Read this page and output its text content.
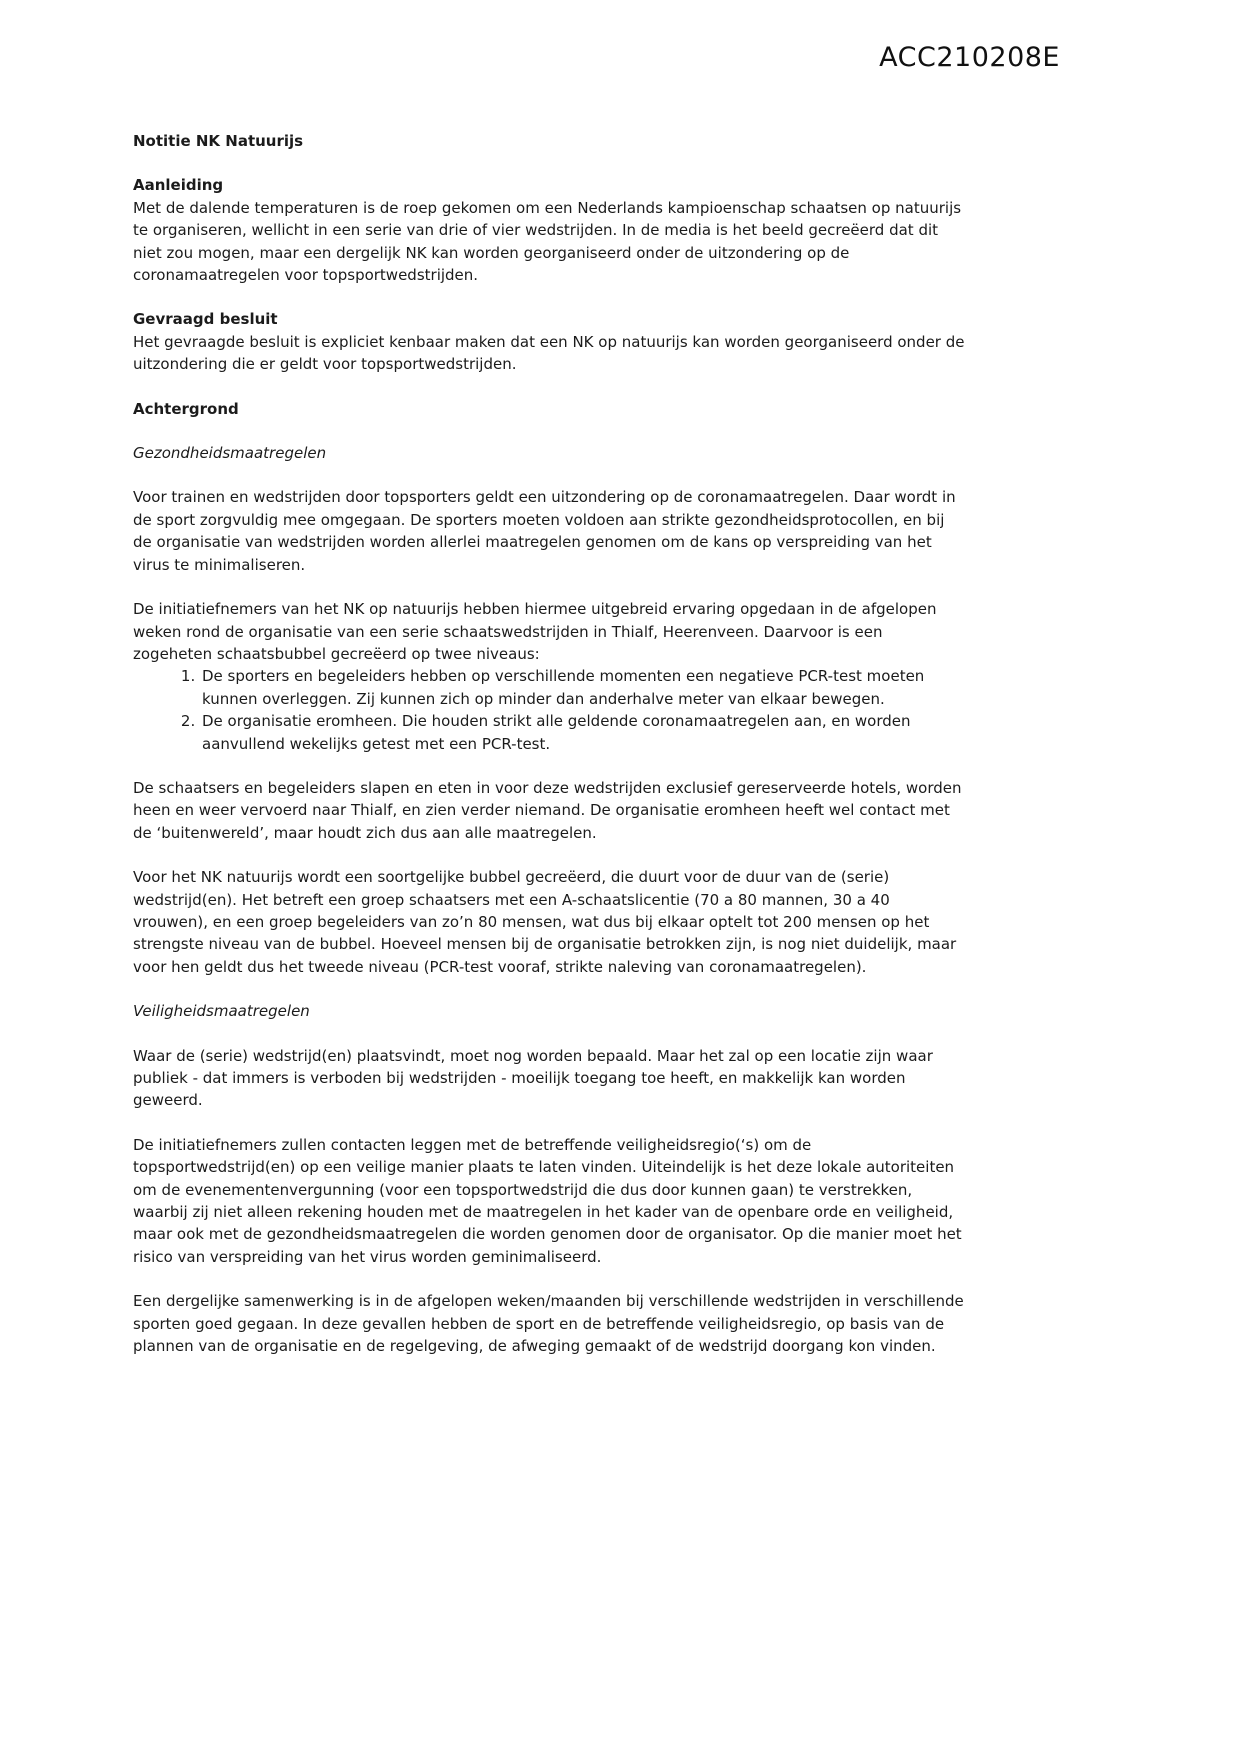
ACC210208E
Notitie NK Natuurijs
Aanleiding

Met de dalende temperaturen is de roep gekomen om een Nederlands kampioenschap schaatsen op natuurijs te organiseren, wellicht in een serie van drie of vier wedstrijden. In de media is het beeld gecreëerd dat dit niet zou mogen, maar een dergelijk NK kan worden georganiseerd onder de uitzondering op de coronamaatregelen voor topsportwedstrijden.

Gevraagd besluit

Het gevraagde besluit is expliciet kenbaar maken dat een NK op natuurijs kan worden georganiseerd onder de uitzondering die er geldt voor topsportwedstrijden.

Achtergrond
Gezondheidsmaatregelen

Voor trainen en wedstrijden door topsporters geldt een uitzondering op de coronamaatregelen. Daar wordt in de sport zorgvuldig mee omgegaan. De sporters moeten voldoen aan strikte gezondheidsprotocollen, en bij de organisatie van wedstrijden worden allerlei maatregelen genomen om de kans op verspreiding van het virus te minimaliseren.

De initiatiefnemers van het NK op natuurijs hebben hiermee uitgebreid ervaring opgedaan in de afgelopen weken rond de organisatie van een serie schaatswedstrijden in Thialf, Heerenveen. Daarvoor is een zogeheten schaatsbubbel gecreëerd op twee niveaus:

1. De sporters en begeleiders hebben op verschillende momenten een negatieve PCR-test moeten kunnen overleggen. Zij kunnen zich op minder dan anderhalve meter van elkaar bewegen.
2. De organisatie eromheen. Die houden strikt alle geldende coronamaatregelen aan, en worden aanvullend wekelijks getest met een PCR-test.

De schaatsers en begeleiders slapen en eten in voor deze wedstrijden exclusief gereserveerde hotels, worden heen en weer vervoerd naar Thialf, en zien verder niemand. De organisatie eromheen heeft wel contact met de ‘buitenwereld’, maar houdt zich dus aan alle maatregelen.

Voor het NK natuurijs wordt een soortgelijke bubbel gecreëerd, die duurt voor de duur van de (serie) wedstrijd(en). Het betreft een groep schaatsers met een A-schaatslicentie (70 a 80 mannen, 30 a 40 vrouwen), en een groep begeleiders van zo’n 80 mensen, wat dus bij elkaar optelt tot 200 mensen op het strengste niveau van de bubbel. Hoeveel mensen bij de organisatie betrokken zijn, is nog niet duidelijk, maar voor hen geldt dus het tweede niveau (PCR-test vooraf, strikte naleving van coronamaatregelen).

Veiligheidsmaatregelen

Waar de (serie) wedstrijd(en) plaatsvindt, moet nog worden bepaald. Maar het zal op een locatie zijn waar publiek - dat immers is verboden bij wedstrijden - moeilijk toegang toe heeft, en makkelijk kan worden geweerd.

De initiatiefnemers zullen contacten leggen met de betreffende veiligheidsregio(‘s) om de topsportwedstrijd(en) op een veilige manier plaats te laten vinden. Uiteindelijk is het deze lokale autoriteiten om de evenementenvergunning (voor een topsportwedstrijd die dus door kunnen gaan) te verstrekken, waarbij zij niet alleen rekening houden met de maatregelen in het kader van de openbare orde en veiligheid, maar ook met de gezondheidsmaatregelen die worden genomen door de organisator. Op die manier moet het risico van verspreiding van het virus worden geminimaliseerd.

Een dergelijke samenwerking is in de afgelopen weken/maanden bij verschillende wedstrijden in verschillende sporten goed gegaan. In deze gevallen hebben de sport en de betreffende veiligheidsregio, op basis van de plannen van de organisatie en de regelgeving, de afweging gemaakt of de wedstrijd doorgang kon vinden.
